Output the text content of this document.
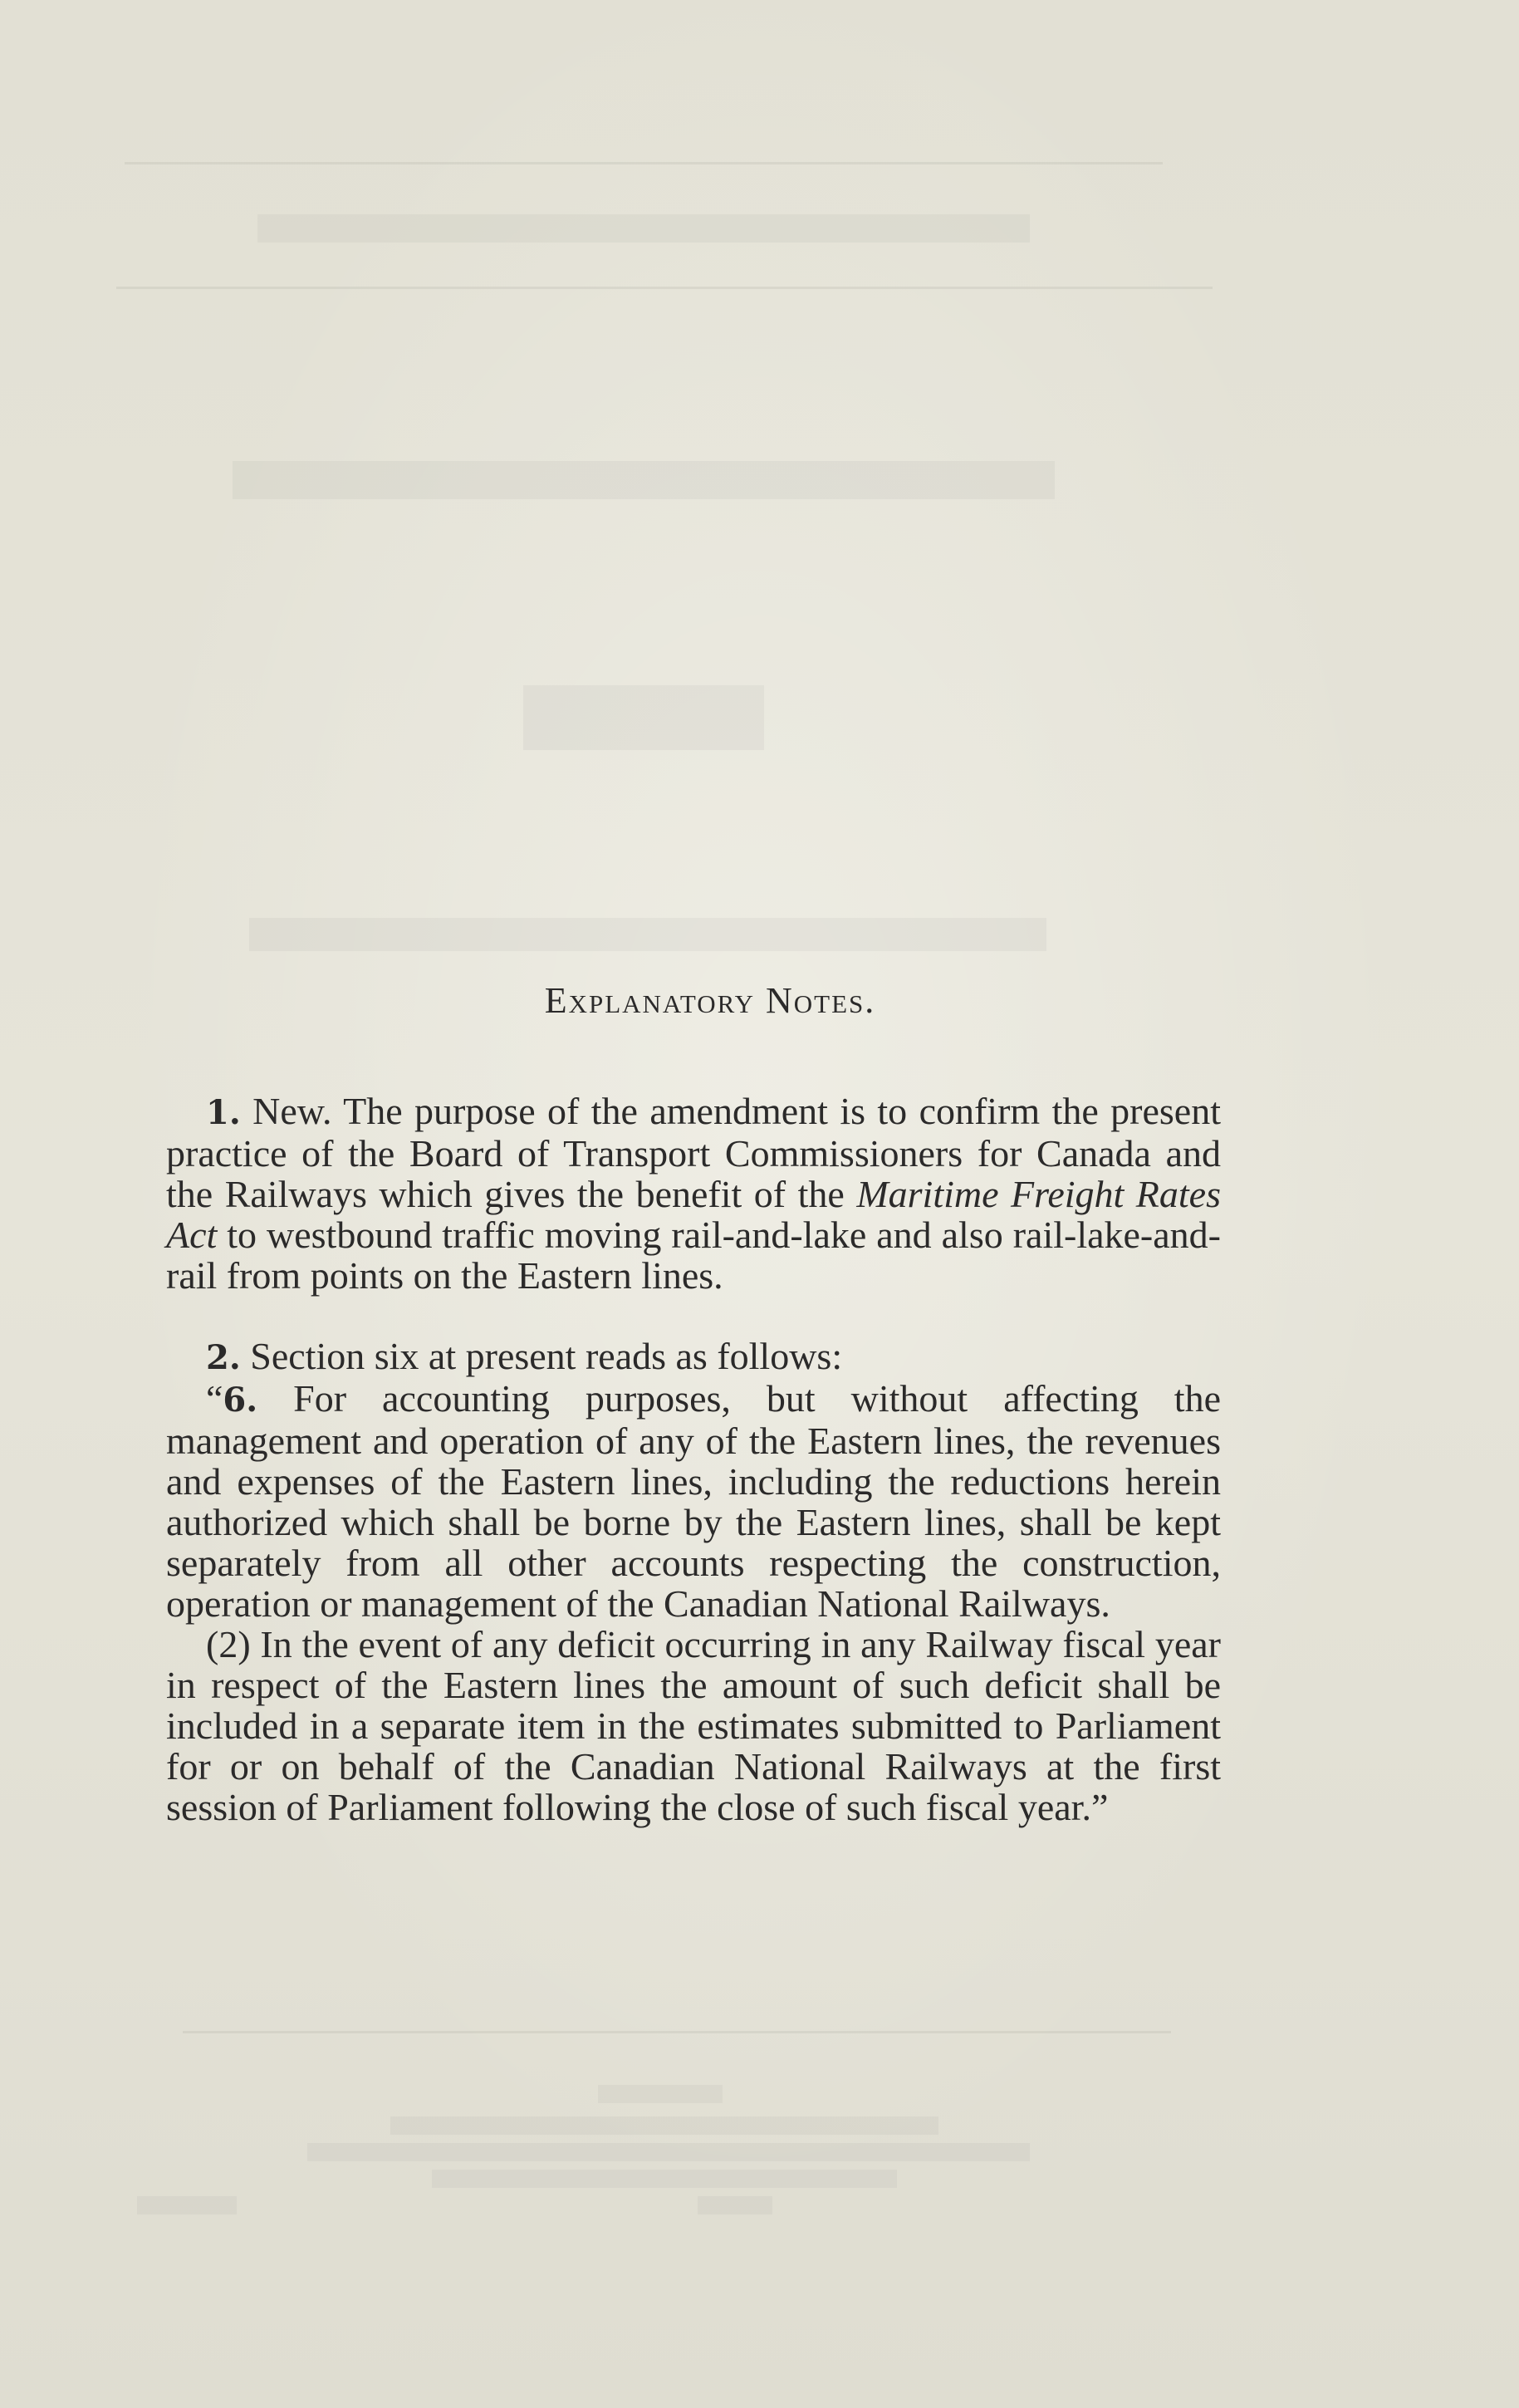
Explanatory Notes.

1. New. The purpose of the amendment is to confirm the present practice of the Board of Transport Commissioners for Canada and the Railways which gives the benefit of the Maritime Freight Rates Act to westbound traffic moving rail-and-lake and also rail-lake-and-rail from points on the Eastern lines.

2. Section six at present reads as follows:

“6. For accounting purposes, but without affecting the management and operation of any of the Eastern lines, the revenues and expenses of the Eastern lines, including the reductions herein authorized which shall be borne by the Eastern lines, shall be kept separately from all other accounts respecting the construction, operation or management of the Canadian National Railways.

(2) In the event of any deficit occurring in any Railway fiscal year in respect of the Eastern lines the amount of such deficit shall be included in a separate item in the estimates submitted to Parliament for or on behalf of the Canadian National Railways at the first session of Parliament following the close of such fiscal year.”
